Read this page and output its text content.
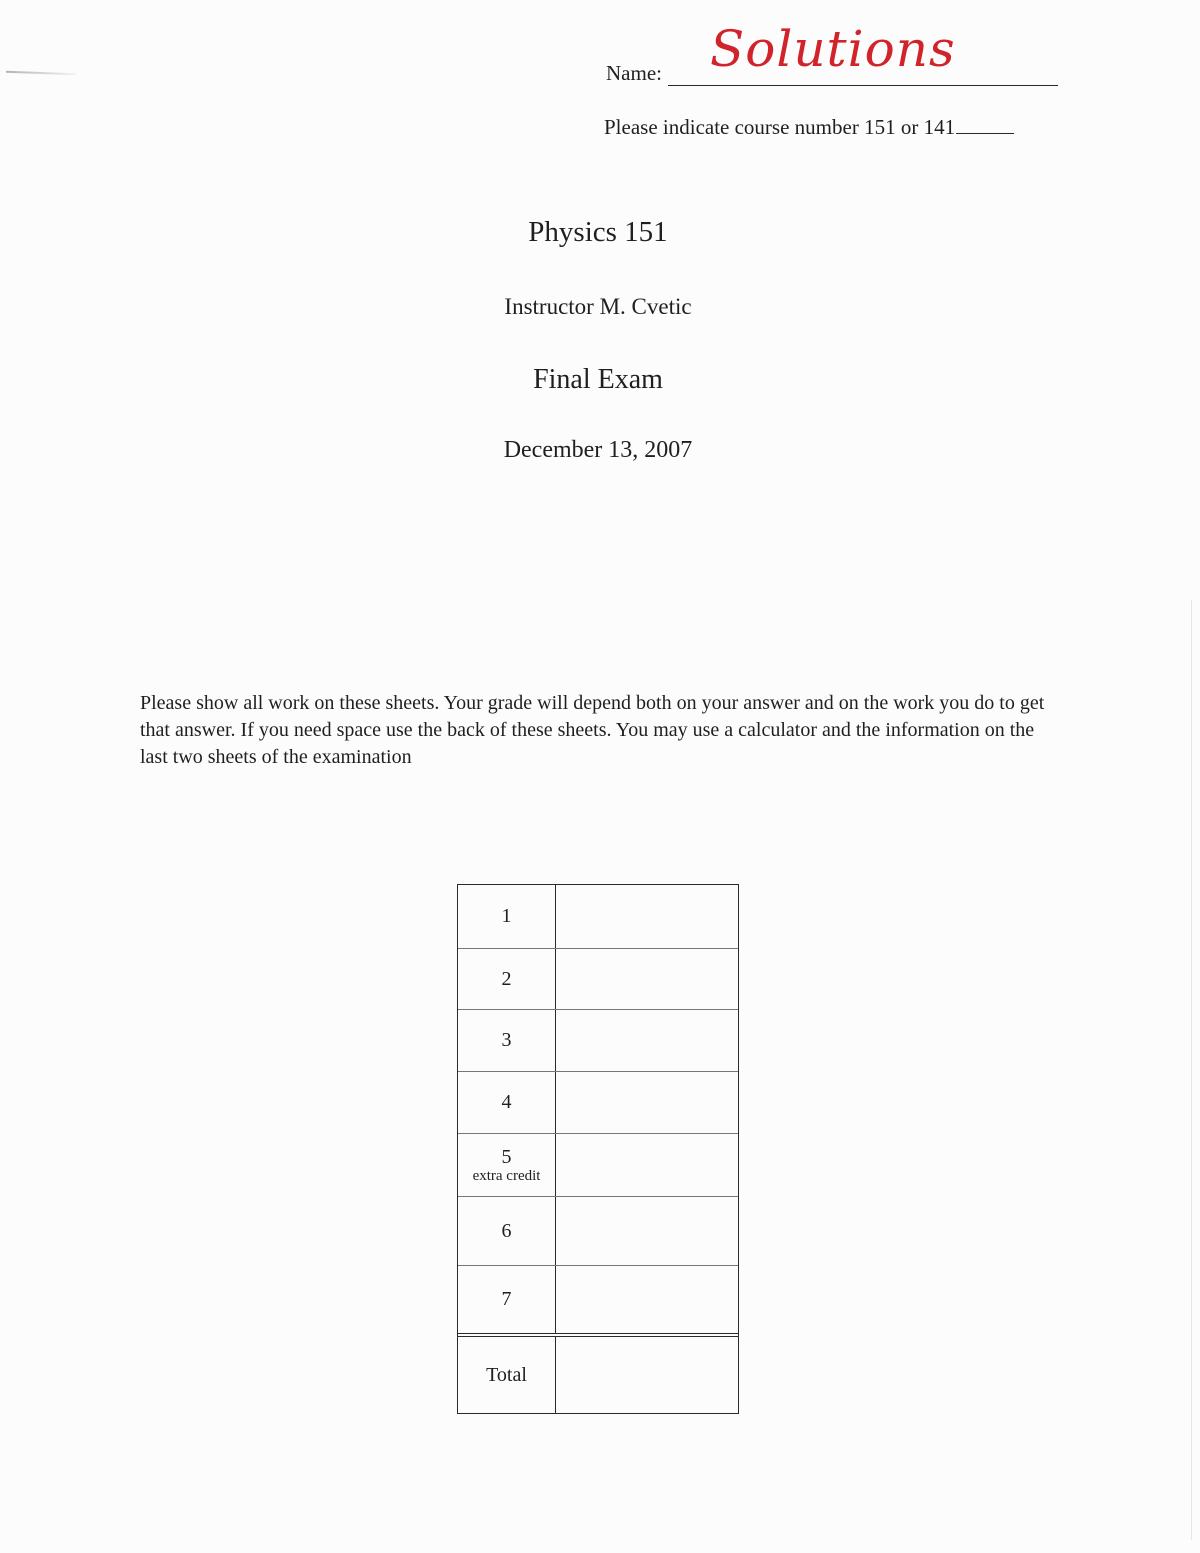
Name: Solutions
Please indicate course number 151 or 141
Physics 151
Instructor M. Cvetic
Final Exam
December 13, 2007
Please show all work on these sheets. Your grade will depend both on your answer and on the work you do to get that answer. If you need space use the back of these sheets. You may use a calculator and the information on the last two sheets of the examination
1
2
3
4
5
extra credit
6
7
Total
